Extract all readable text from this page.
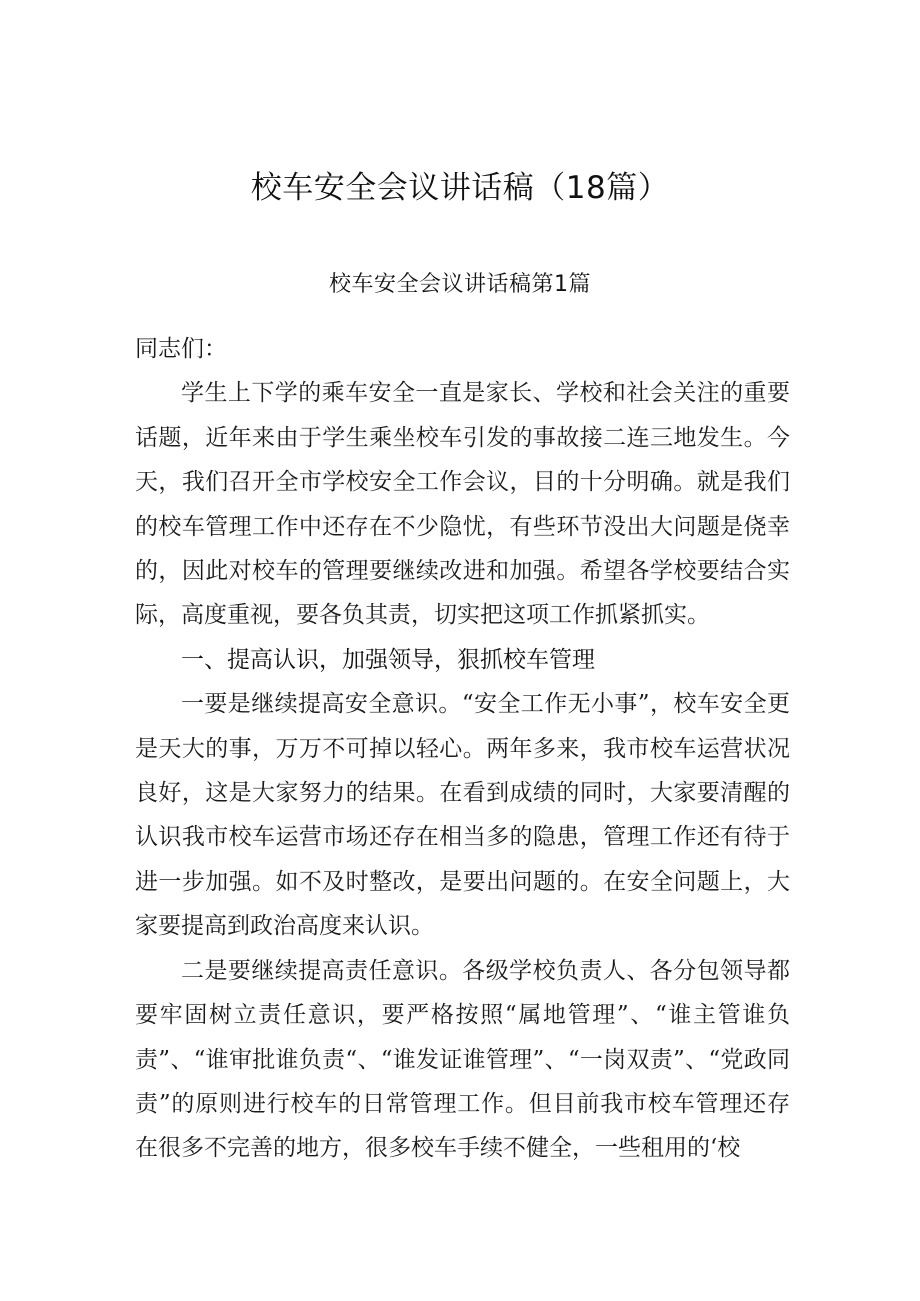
校车安全会议讲话稿（18篇）
校车安全会议讲话稿第1篇

同志们：

学生上下学的乘车安全一直是家长、学校和社会关注的重要话题，近年来由于学生乘坐校车引发的事故接二连三地发生。今天，我们召开全市学校安全工作会议，目的十分明确。就是我们的校车管理工作中还存在不少隐忧，有些环节没出大问题是侥幸的，因此对校车的管理要继续改进和加强。希望各学校要结合实际，高度重视，要各负其责，切实把这项工作抓紧抓实。

一、提高认识，加强领导，狠抓校车管理

一要是继续提高安全意识。“安全工作无小事”，校车安全更是天大的事，万万不可掉以轻心。两年多来，我市校车运营状况良好，这是大家努力的结果。在看到成绩的同时，大家要清醒的认识我市校车运营市场还存在相当多的隐患，管理工作还有待于进一步加强。如不及时整改，是要出问题的。在安全问题上，大家要提高到政治高度来认识。

二是要继续提高责任意识。各级学校负责人、各分包领导都要牢固树立责任意识，要严格按照“属地管理”、“谁主管谁负责”、“谁审批谁负责“、“谁发证谁管理”、“一岗双责”、“党政同责”的原则进行校车的日常管理工作。但目前我市校车管理还存在很多不完善的地方，很多校车手续不健全，一些租用的‘校
